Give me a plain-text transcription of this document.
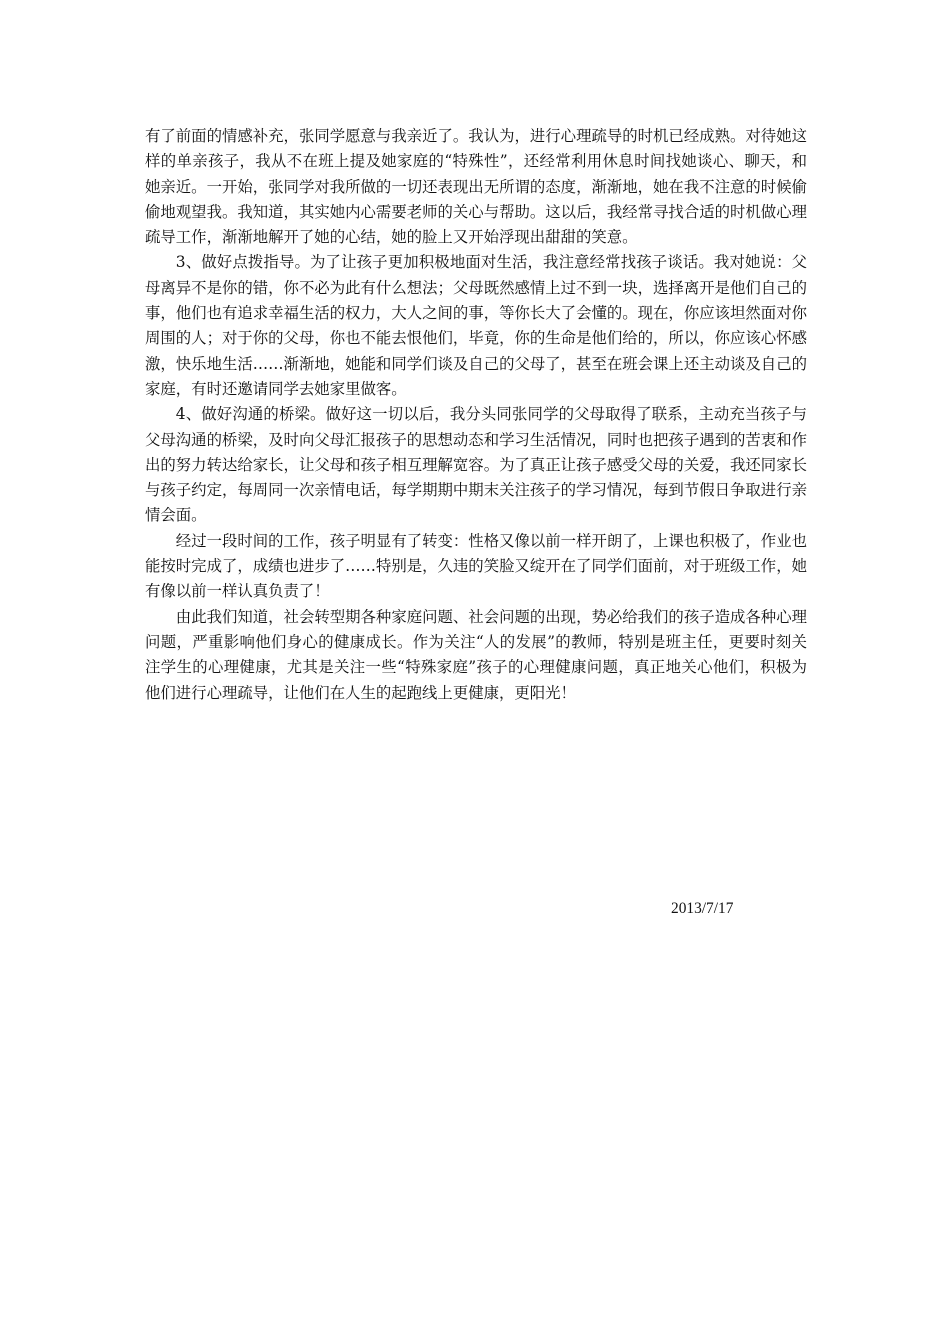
有了前面的情感补充，张同学愿意与我亲近了。我认为，进行心理疏导的时机已经成熟。对待她这样的单亲孩子，我从不在班上提及她家庭的“特殊性”，还经常利用休息时间找她谈心、聊天，和她亲近。一开始，张同学对我所做的一切还表现出无所谓的态度，渐渐地，她在我不注意的时候偷偷地观望我。我知道，其实她内心需要老师的关心与帮助。这以后，我经常寻找合适的时机做心理疏导工作，渐渐地解开了她的心结，她的脸上又开始浮现出甜甜的笑意。

3、做好点拨指导。为了让孩子更加积极地面对生活，我注意经常找孩子谈话。我对她说：父母离异不是你的错，你不必为此有什么想法；父母既然感情上过不到一块，选择离开是他们自己的事，他们也有追求幸福生活的权力，大人之间的事，等你长大了会懂的。现在，你应该坦然面对你周围的人；对于你的父母，你也不能去恨他们，毕竟，你的生命是他们给的，所以，你应该心怀感激，快乐地生活……渐渐地，她能和同学们谈及自己的父母了，甚至在班会课上还主动谈及自己的家庭，有时还邀请同学去她家里做客。

4、做好沟通的桥梁。做好这一切以后，我分头同张同学的父母取得了联系，主动充当孩子与父母沟通的桥梁，及时向父母汇报孩子的思想动态和学习生活情况，同时也把孩子遇到的苦衷和作出的努力转达给家长，让父母和孩子相互理解宽容。为了真正让孩子感受父母的关爱，我还同家长与孩子约定，每周同一次亲情电话，每学期期中期末关注孩子的学习情况，每到节假日争取进行亲情会面。

经过一段时间的工作，孩子明显有了转变：性格又像以前一样开朗了，上课也积极了，作业也能按时完成了，成绩也进步了……特别是，久违的笑脸又绽开在了同学们面前，对于班级工作，她有像以前一样认真负责了！

由此我们知道，社会转型期各种家庭问题、社会问题的出现，势必给我们的孩子造成各种心理问题，严重影响他们身心的健康成长。作为关注“人的发展”的教师，特别是班主任，更要时刻关注学生的心理健康，尤其是关注一些“特殊家庭”孩子的心理健康问题，真正地关心他们，积极为他们进行心理疏导，让他们在人生的起跑线上更健康，更阳光！

2013/7/17
